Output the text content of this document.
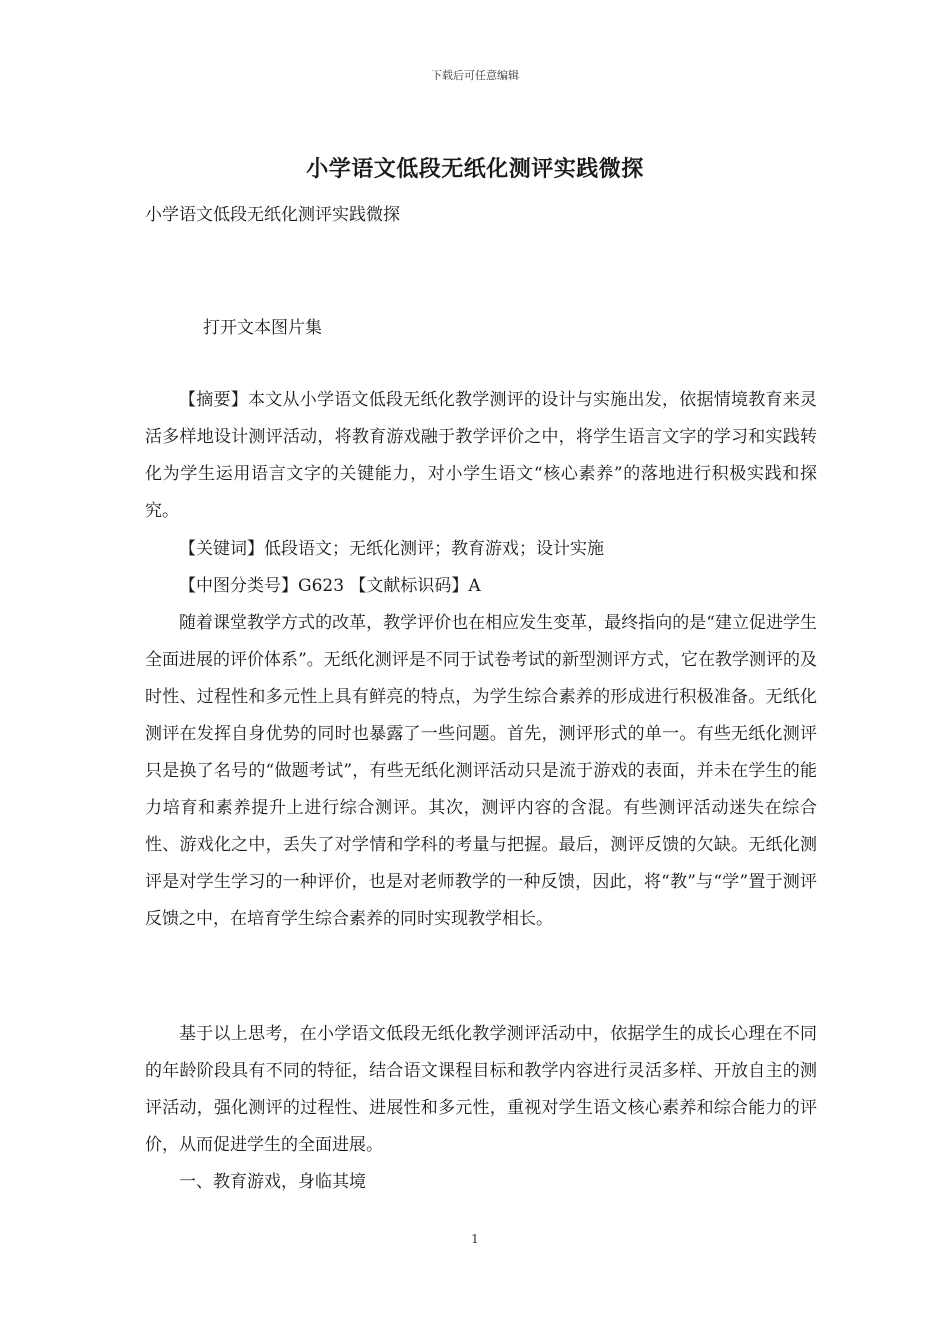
下载后可任意编辑
小学语文低段无纸化测评实践微探
小学语文低段无纸化测评实践微探
打开文本图片集

【摘要】本文从小学语文低段无纸化教学测评的设计与实施出发，依据情境教育来灵活多样地设计测评活动，将教育游戏融于教学评价之中，将学生语言文字的学习和实践转化为学生运用语言文字的关键能力，对小学生语文“核心素养”的落地进行积极实践和探究。

【关键词】低段语文；无纸化测评；教育游戏；设计实施

【中图分类号】G623 【文献标识码】A

随着课堂教学方式的改革，教学评价也在相应发生变革，最终指向的是“建立促进学生全面进展的评价体系”。无纸化测评是不同于试卷考试的新型测评方式，它在教学测评的及时性、过程性和多元性上具有鲜亮的特点，为学生综合素养的形成进行积极准备。无纸化测评在发挥自身优势的同时也暴露了一些问题。首先，测评形式的单一。有些无纸化测评只是换了名号的“做题考试”，有些无纸化测评活动只是流于游戏的表面，并未在学生的能力培育和素养提升上进行综合测评。其次，测评内容的含混。有些测评活动迷失在综合性、游戏化之中，丢失了对学情和学科的考量与把握。最后，测评反馈的欠缺。无纸化测评是对学生学习的一种评价，也是对老师教学的一种反馈，因此，将“教”与“学”置于测评反馈之中，在培育学生综合素养的同时实现教学相长。

基于以上思考，在小学语文低段无纸化教学测评活动中，依据学生的成长心理在不同的年龄阶段具有不同的特征，结合语文课程目标和教学内容进行灵活多样、开放自主的测评活动，强化测评的过程性、进展性和多元性，重视对学生语文核心素养和综合能力的评价，从而促进学生的全面进展。

一、教育游戏，身临其境

1
